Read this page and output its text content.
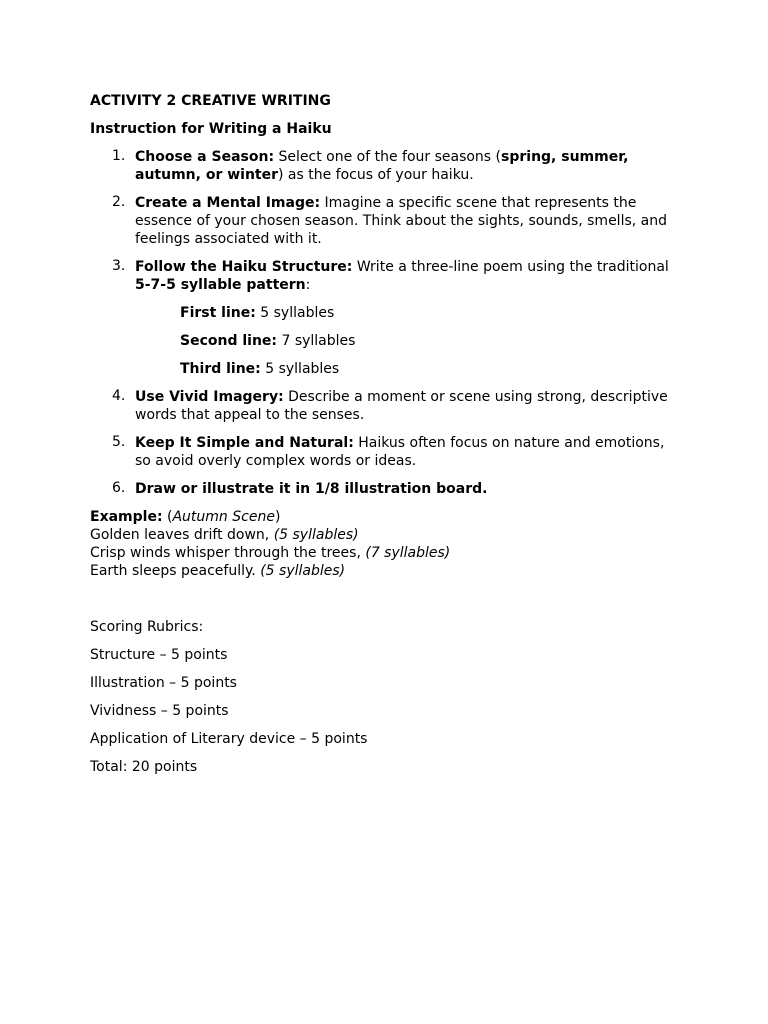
ACTIVITY 2 CREATIVE WRITING
Instruction for Writing a Haiku
1. Choose a Season: Select one of the four seasons (spring, summer,
autumn, or winter) as the focus of your haiku.
2. Create a Mental Image: Imagine a specific scene that represents the
essence of your chosen season. Think about the sights, sounds, smells, and
feelings associated with it.
3. Follow the Haiku Structure: Write a three-line poem using the traditional
5-7-5 syllable pattern:
First line: 5 syllables
Second line: 7 syllables
Third line: 5 syllables
4. Use Vivid Imagery: Describe a moment or scene using strong, descriptive
words that appeal to the senses.
5. Keep It Simple and Natural: Haikus often focus on nature and emotions,
so avoid overly complex words or ideas.
6. Draw or illustrate it in 1/8 illustration board.
Example: (Autumn Scene)
Golden leaves drift down, (5 syllables)
Crisp winds whisper through the trees, (7 syllables)
Earth sleeps peacefully. (5 syllables)
Scoring Rubrics:
Structure – 5 points
Illustration – 5 points
Vividness – 5 points
Application of Literary device – 5 points
Total: 20 points
